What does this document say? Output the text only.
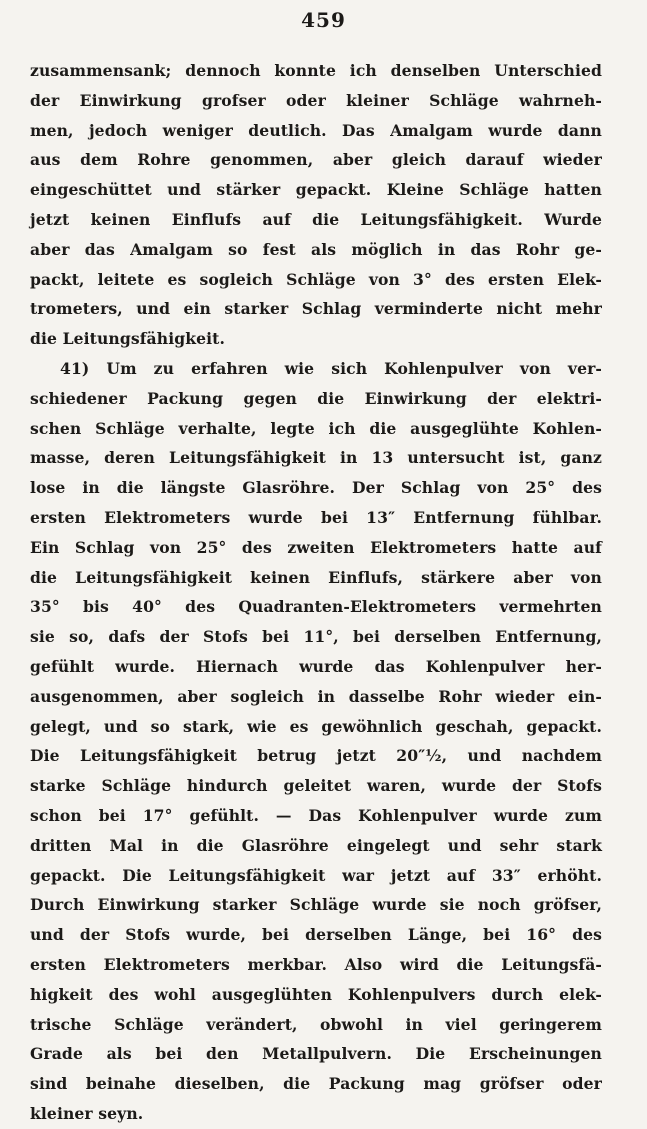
459
zusammensank; dennoch konnte ich denselben Unterschied
der Einwirkung grofser oder kleiner Schläge wahrneh-
men, jedoch weniger deutlich. Das Amalgam wurde dann
aus dem Rohre genommen, aber gleich darauf wieder
eingeschüttet und stärker gepackt. Kleine Schläge hatten
jetzt keinen Einflufs auf die Leitungsfähigkeit. Wurde
aber das Amalgam so fest als möglich in das Rohr ge-
packt, leitete es sogleich Schläge von 3° des ersten Elek-
trometers, und ein starker Schlag verminderte nicht mehr
die Leitungsfähigkeit.
41) Um zu erfahren wie sich Kohlenpulver von ver-
schiedener Packung gegen die Einwirkung der elektri-
schen Schläge verhalte, legte ich die ausgeglühte Kohlen-
masse, deren Leitungsfähigkeit in 13 untersucht ist, ganz
lose in die längste Glasröhre. Der Schlag von 25° des
ersten Elektrometers wurde bei 13″ Entfernung fühlbar.
Ein Schlag von 25° des zweiten Elektrometers hatte auf
die Leitungsfähigkeit keinen Einflufs, stärkere aber von
35° bis 40° des Quadranten-Elektrometers vermehrten
sie so, dafs der Stofs bei 11°, bei derselben Entfernung,
gefühlt wurde. Hiernach wurde das Kohlenpulver her-
ausgenommen, aber sogleich in dasselbe Rohr wieder ein-
gelegt, und so stark, wie es gewöhnlich geschah, gepackt.
Die Leitungsfähigkeit betrug jetzt 20″½, und nachdem
starke Schläge hindurch geleitet waren, wurde der Stofs
schon bei 17° gefühlt. — Das Kohlenpulver wurde zum
dritten Mal in die Glasröhre eingelegt und sehr stark
gepackt. Die Leitungsfähigkeit war jetzt auf 33″ erhöht.
Durch Einwirkung starker Schläge wurde sie noch gröfser,
und der Stofs wurde, bei derselben Länge, bei 16° des
ersten Elektrometers merkbar. Also wird die Leitungsfä-
higkeit des wohl ausgeglühten Kohlenpulvers durch elek-
trische Schläge verändert, obwohl in viel geringerem
Grade als bei den Metallpulvern. Die Erscheinungen
sind beinahe dieselben, die Packung mag gröfser oder
kleiner seyn.
